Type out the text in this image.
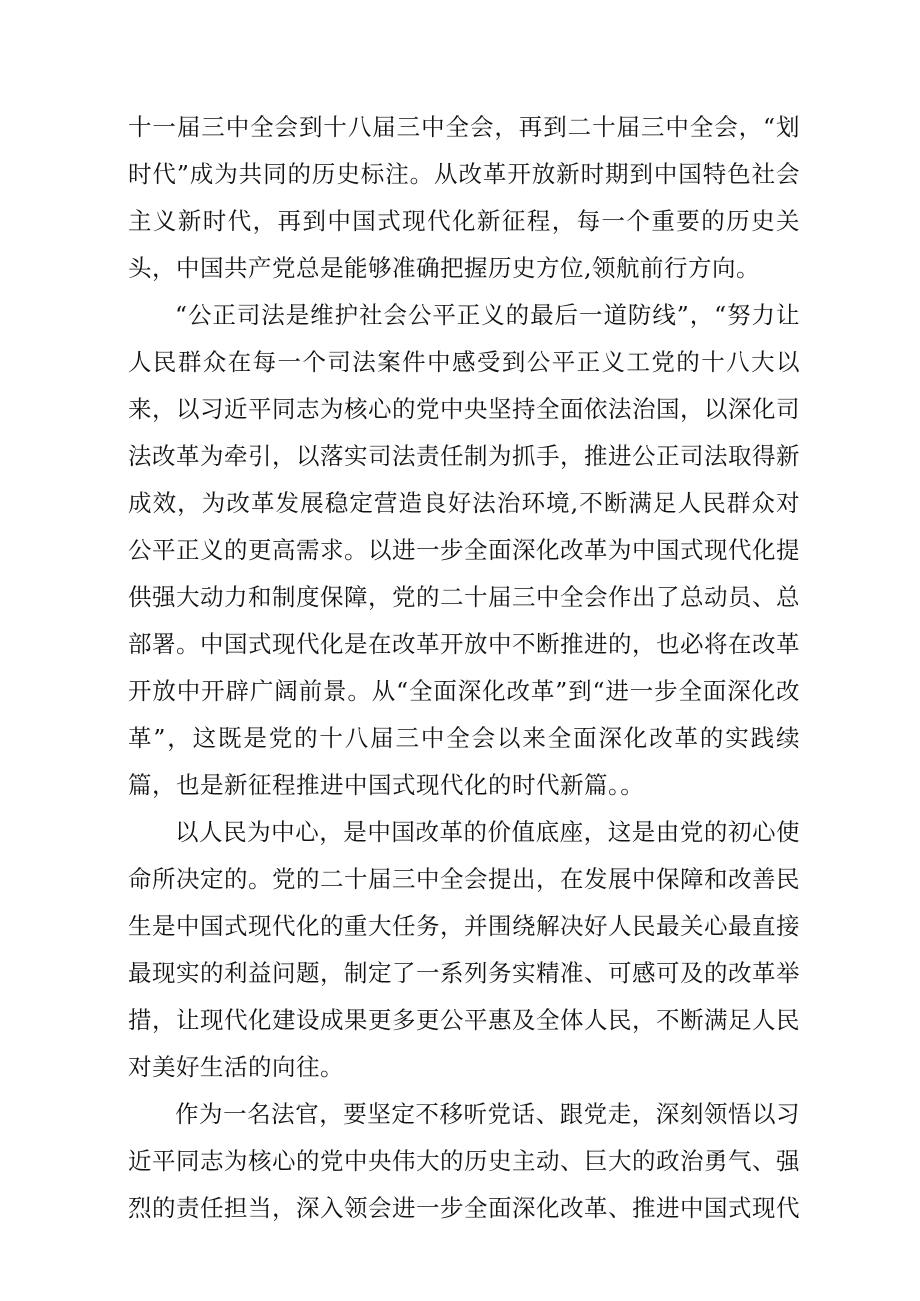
十一届三中全会到十八届三中全会，再到二十届三中全会，“划时代”成为共同的历史标注。从改革开放新时期到中国特色社会主义新时代，再到中国式现代化新征程，每一个重要的历史关头，中国共产党总是能够准确把握历史方位,领航前行方向。

“公正司法是维护社会公平正义的最后一道防线”，“努力让人民群众在每一个司法案件中感受到公平正义工党的十八大以来，以习近平同志为核心的党中央坚持全面依法治国，以深化司法改革为牵引，以落实司法责任制为抓手，推进公正司法取得新成效，为改革发展稳定营造良好法治环境,不断满足人民群众对公平正义的更高需求。以进一步全面深化改革为中国式现代化提供强大动力和制度保障，党的二十届三中全会作出了总动员、总部署。中国式现代化是在改革开放中不断推进的，也必将在改革开放中开辟广阔前景。从“全面深化改革”到“进一步全面深化改革”，这既是党的十八届三中全会以来全面深化改革的实践续篇，也是新征程推进中国式现代化的时代新篇。。

以人民为中心，是中国改革的价值底座，这是由党的初心使命所决定的。党的二十届三中全会提出，在发展中保障和改善民生是中国式现代化的重大任务，并围绕解决好人民最关心最直接最现实的利益问题，制定了一系列务实精准、可感可及的改革举措，让现代化建设成果更多更公平惠及全体人民，不断满足人民对美好生活的向往。

作为一名法官，要坚定不移听党话、跟党走，深刻领悟以习近平同志为核心的党中央伟大的历史主动、巨大的政治勇气、强烈的责任担当，深入领会进一步全面深化改革、推进中国式现代
